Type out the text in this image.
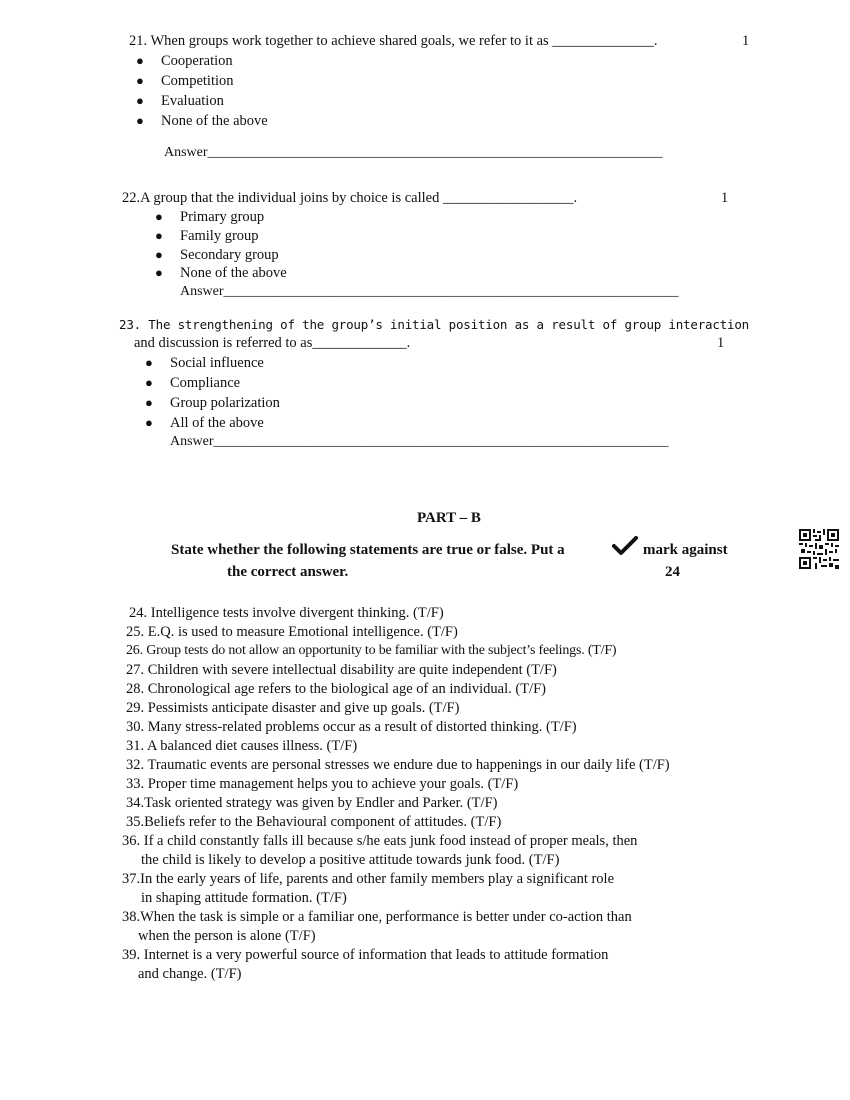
21. When groups work together to achieve shared goals, we refer to it as ______________.	1
● Cooperation
● Competition
● Evaluation
● None of the above
Answer_________________________________________________________________
22.A group that the individual joins by choice is called __________________.	1
● Primary group
● Family group
● Secondary group
● None of the above
Answer_________________________________________________________________
23. The strengthening of the group’s initial position as a result of group interaction
and discussion is referred to as_____________.	1
● Social influence
● Compliance
● Group polarization
● All of the above
Answer_________________________________________________________________
PART – B
State whether the following statements are true or false. Put a	mark against
the correct answer.	24
24. Intelligence tests involve divergent thinking. (T/F)
25. E.Q. is used to measure Emotional intelligence. (T/F)
26. Group tests do not allow an opportunity to be familiar with the subject’s feelings. (T/F)
27. Children with severe intellectual disability are quite independent (T/F)
28. Chronological age refers to the biological age of an individual. (T/F)
29. Pessimists anticipate disaster and give up goals. (T/F)
30. Many stress-related problems occur as a result of distorted thinking. (T/F)
31. A balanced diet causes illness. (T/F)
32. Traumatic events are personal stresses we endure due to happenings in our daily life (T/F)
33. Proper time management helps you to achieve your goals. (T/F)
34.Task oriented strategy was given by Endler and Parker. (T/F)
35.Beliefs refer to the Behavioural component of attitudes. (T/F)
36. If a child constantly falls ill because s/he eats junk food instead of proper meals, then
the child is likely to develop a positive attitude towards junk food. (T/F)
37.In the early years of life, parents and other family members play a significant role
in shaping attitude formation. (T/F)
38.When the task is simple or a familiar one, performance is better under co-action than
when the person is alone (T/F)
39. Internet is a very powerful source of information that leads to attitude formation
and change. (T/F)
